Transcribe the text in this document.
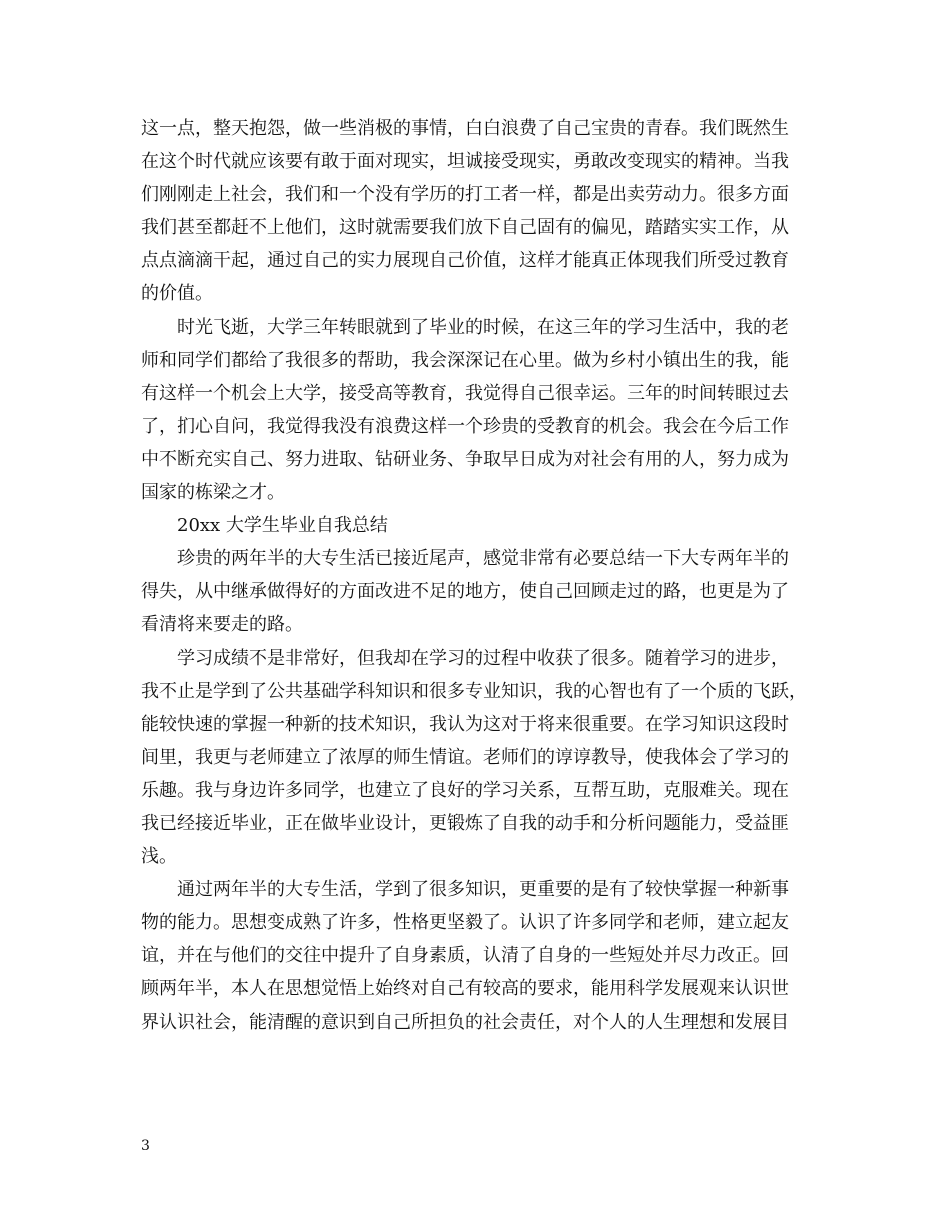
这一点，整天抱怨，做一些消极的事情，白白浪费了自己宝贵的青春。我们既然生
在这个时代就应该要有敢于面对现实，坦诚接受现实，勇敢改变现实的精神。当我
们刚刚走上社会，我们和一个没有学历的打工者一样，都是出卖劳动力。很多方面
我们甚至都赶不上他们，这时就需要我们放下自己固有的偏见，踏踏实实工作，从
点点滴滴干起，通过自己的实力展现自己价值，这样才能真正体现我们所受过教育
的价值。
时光飞逝，大学三年转眼就到了毕业的时候，在这三年的学习生活中，我的老
师和同学们都给了我很多的帮助，我会深深记在心里。做为乡村小镇出生的我，能
有这样一个机会上大学，接受高等教育，我觉得自己很幸运。三年的时间转眼过去
了，扪心自问，我觉得我没有浪费这样一个珍贵的受教育的机会。我会在今后工作
中不断充实自己、努力进取、钻研业务、争取早日成为对社会有用的人，努力成为
国家的栋梁之才。
20xx 大学生毕业自我总结
珍贵的两年半的大专生活已接近尾声，感觉非常有必要总结一下大专两年半的
得失，从中继承做得好的方面改进不足的地方，使自己回顾走过的路，也更是为了
看清将来要走的路。
学习成绩不是非常好，但我却在学习的过程中收获了很多。随着学习的进步，
我不止是学到了公共基础学科知识和很多专业知识，我的心智也有了一个质的飞跃，
能较快速的掌握一种新的技术知识，我认为这对于将来很重要。在学习知识这段时
间里，我更与老师建立了浓厚的师生情谊。老师们的谆谆教导，使我体会了学习的
乐趣。我与身边许多同学，也建立了良好的学习关系，互帮互助，克服难关。现在
我已经接近毕业，正在做毕业设计，更锻炼了自我的动手和分析问题能力，受益匪
浅。
通过两年半的大专生活，学到了很多知识，更重要的是有了较快掌握一种新事
物的能力。思想变成熟了许多，性格更坚毅了。认识了许多同学和老师，建立起友
谊，并在与他们的交往中提升了自身素质，认清了自身的一些短处并尽力改正。回
顾两年半，本人在思想觉悟上始终对自己有较高的要求，能用科学发展观来认识世
界认识社会，能清醒的意识到自己所担负的社会责任，对个人的人生理想和发展目
3
